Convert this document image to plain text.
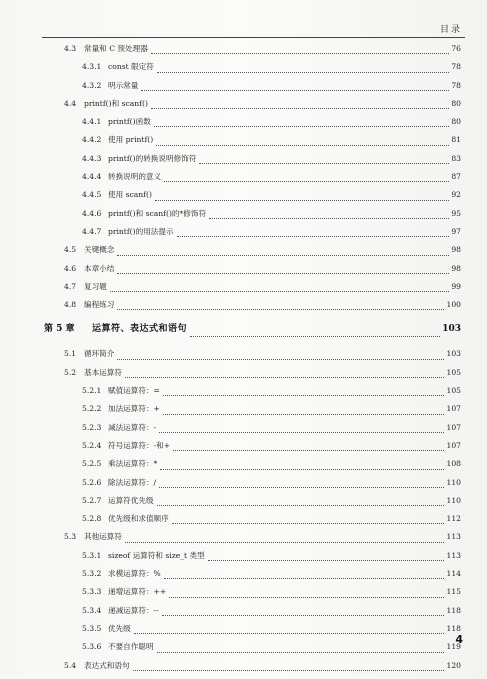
目录
4.3 常量和 C 预处理器	76
4.3.1 const 限定符	78
4.3.2 明示常量	78
4.4 printf()和 scanf()	80
4.4.1 printf()函数	80
4.4.2 使用 printf()	81
4.4.3 printf()的转换说明修饰符	83
4.4.4 转换说明的意义	87
4.4.5 使用 scanf()	92
4.4.6 printf()和 scanf()的*修饰符	95
4.4.7 printf()的用法提示	97
4.5 关键概念	98
4.6 本章小结	98
4.7 复习题	99
4.8 编程练习	100
第 5 章 运算符、表达式和语句	103
5.1 循环简介	103
5.2 基本运算符	105
5.2.1 赋值运算符：=	105
5.2.2 加法运算符：+	107
5.2.3 减法运算符：-	107
5.2.4 符号运算符：-和+	107
5.2.5 乘法运算符：*	108
5.2.6 除法运算符：/	110
5.2.7 运算符优先级	110
5.2.8 优先级和求值顺序	112
5.3 其他运算符	113
5.3.1 sizeof 运算符和 size_t 类型	113
5.3.2 求模运算符：%	114
5.3.3 递增运算符：++	115
5.3.4 递减运算符：--	118
5.3.5 优先级	118
5.3.6 不要自作聪明	119
5.4 表达式和语句	120
4
